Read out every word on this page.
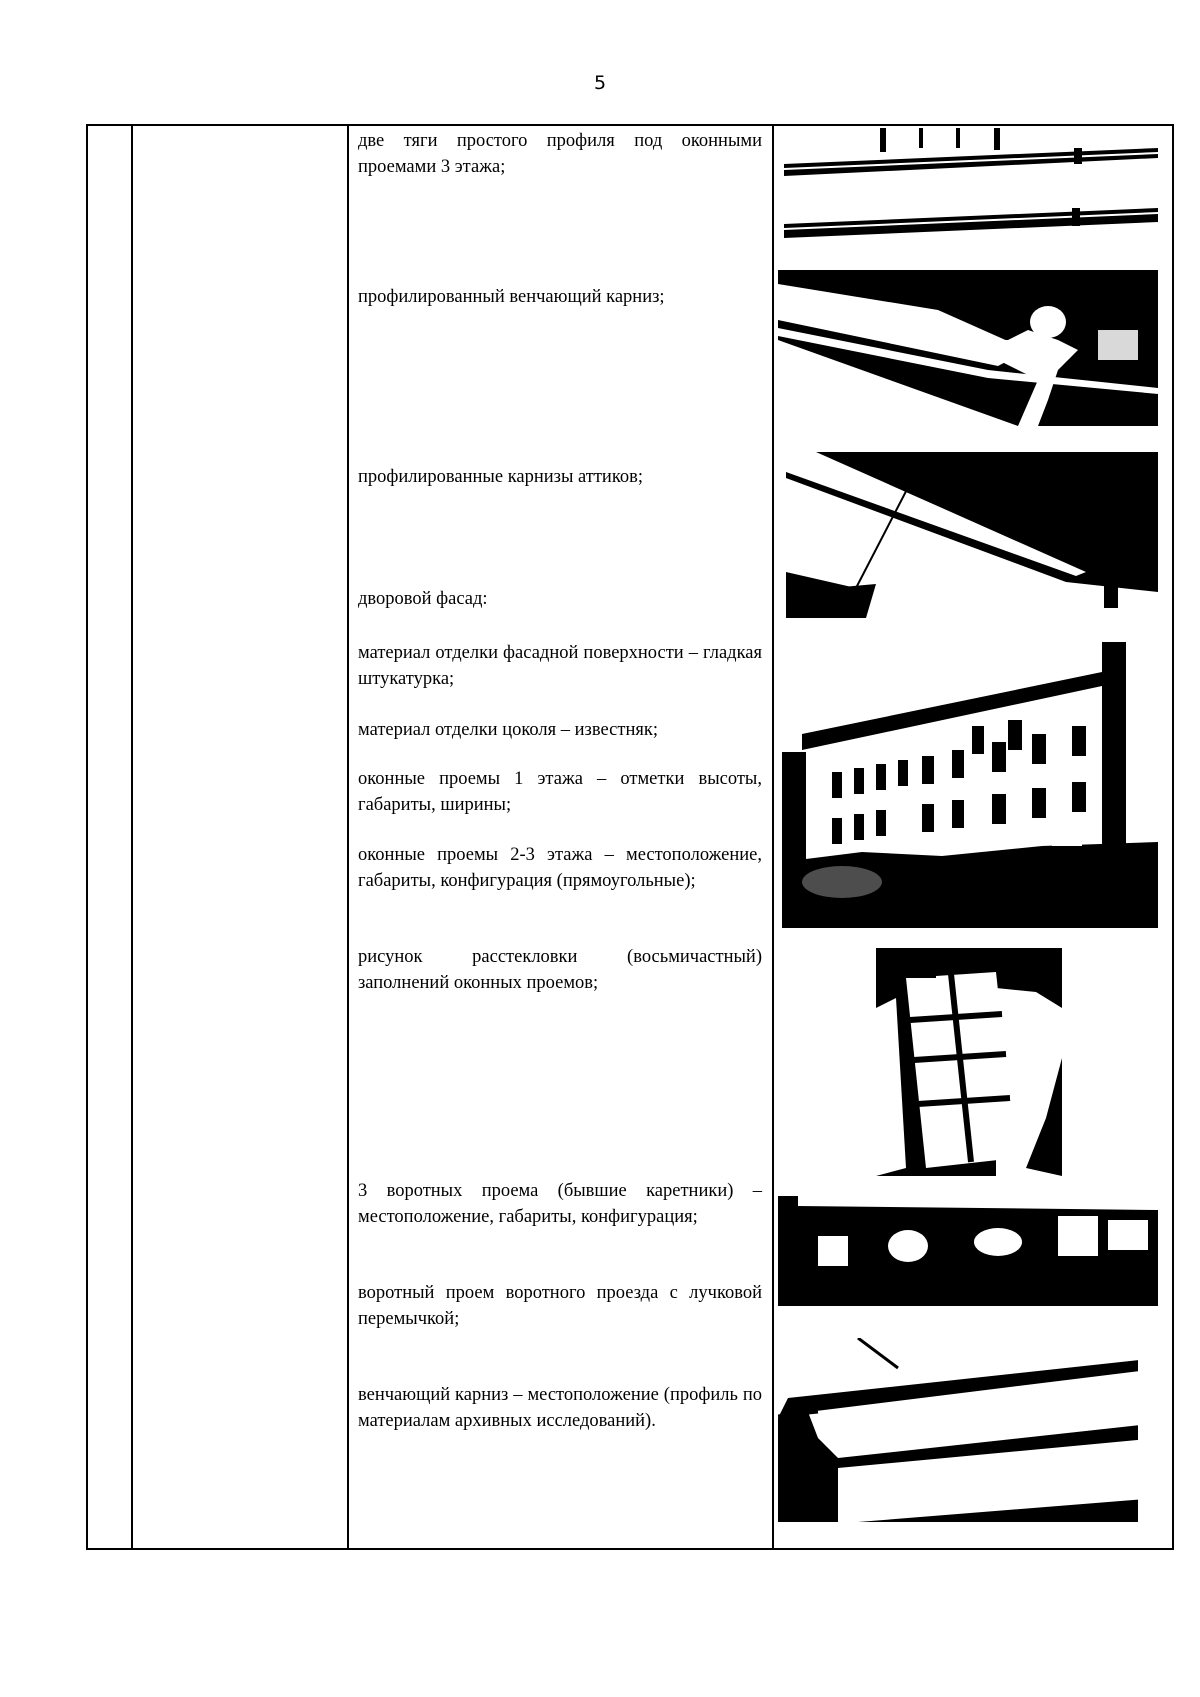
5

две тяги простого профиля под оконными проемами 3 этажа;

профилированный венчающий карниз;

профилированные карнизы аттиков;

дворовой фасад:

материал отделки фасадной поверхности – гладкая штукатурка;

материал отделки цоколя – известняк;

оконные проемы 1 этажа – отметки высоты, габариты, ширины;

оконные проемы 2-3 этажа – местоположение, габариты, конфигурация (прямоугольные);

рисунок расстекловки (восьмичастный) заполнений оконных проемов;

3 воротных проема (бывшие каретники) – местоположение, габариты, конфигурация;

воротный проем воротного проезда с лучковой перемычкой;

венчающий карниз – местоположение (профиль по материалам архивных исследований).
